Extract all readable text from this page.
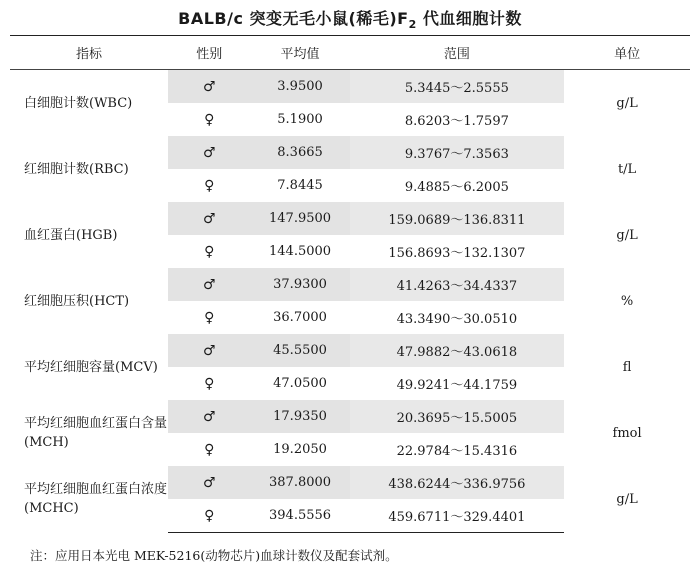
BALB/c 突变无毛小鼠(稀毛)$F_2$ 代血细胞计数
指标	性别	平均值	范围	单位
白细胞计数(WBC)	♂	3.9500	5.3445～2.5555	g/L
	♀	5.1900	8.6203～1.7597	
红细胞计数(RBC)	♂	8.3665	9.3767～7.3563	t/L
	♀	7.8445	9.4885～6.2005	
血红蛋白(HGB)	♂	147.9500	159.0689～136.8311	g/L
	♀	144.5000	156.8693～132.1307	
红细胞压积(HCT)	♂	37.9300	41.4263～34.4337	%
	♀	36.7000	43.3490～30.0510	
平均红细胞容量(MCV)	♂	45.5500	47.9882～43.0618	fl
	♀	47.0500	49.9241～44.1759	
平均红细胞血红蛋白含量(MCH)	♂	17.9350	20.3695～15.5005	fmol
	♀	19.2050	22.9784～15.4316	
平均红细胞血红蛋白浓度(MCHC)	♂	387.8000	438.6244～336.9756	g/L
	♀	394.5556	459.6711～329.4401	
注：应用日本光电 MEK-5216(动物芯片)血球计数仪及配套试剂。
